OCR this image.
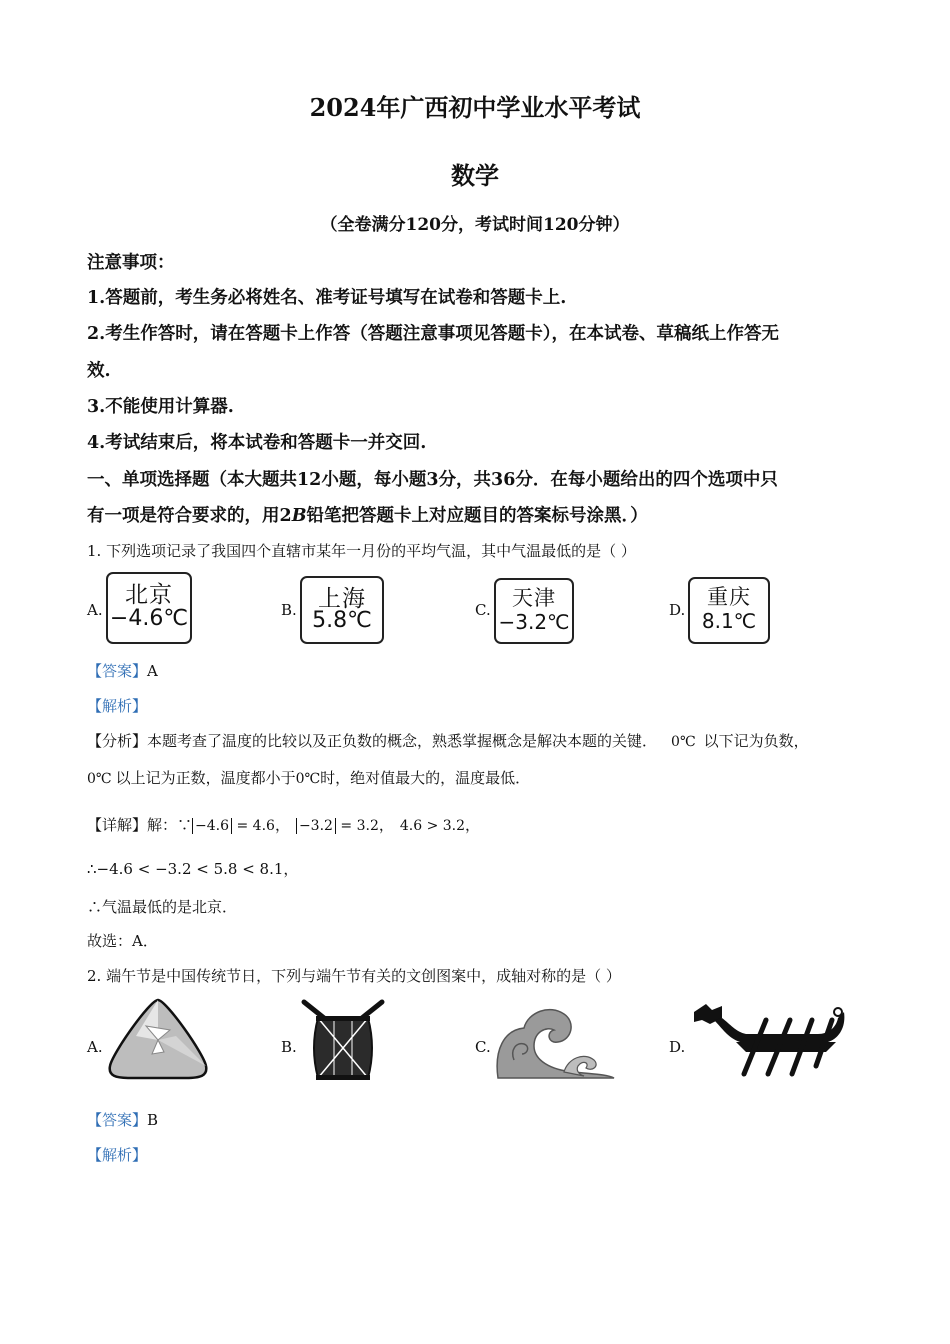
2024年广西初中学业水平考试
数学
（全卷满分120分，考试时间120分钟）
注意事项：
1.答题前，考生务必将姓名、准考证号填写在试卷和答题卡上.
2.考生作答时，请在答题卡上作答（答题注意事项见答题卡），在本试卷、草稿纸上作答无
效.
3.不能使用计算器.
4.考试结束后，将本试卷和答题卡一并交回.
一、单项选择题（本大题共12小题，每小题3分，共36分．在每小题给出的四个选项中只
有一项是符合要求的，用2B铅笔把答题卡上对应题目的答案标号涂黑．）
1. 下列选项记录了我国四个直辖市某年一月份的平均气温，其中气温最低的是（ ）
A.
北京
−4.6℃	B. 上海
5.8℃	C.	天津
−3.2℃	D.
重庆
8.1℃
【答案】A
【解析】
【分析】本题考查了温度的比较以及正负数的概念，熟悉掌握概念是解决本题的关键． 0℃ 以下记为负数，
0℃ 以上记为正数，温度都小于0℃时，绝对值最大的，温度最低．
【详解】解：∵ −4.6 = 4.6， −3.2 = 3.2， 4.6 > 3.2，
∴−4.6 < −3.2 < 5.8 < 8.1，
∴气温最低的是北京．
故选：A．
2. 端午节是中国传统节日，下列与端午节有关的文创图案中，成轴对称的是（ ）
A.	B.	C.	D.
【答案】B
【解析】
